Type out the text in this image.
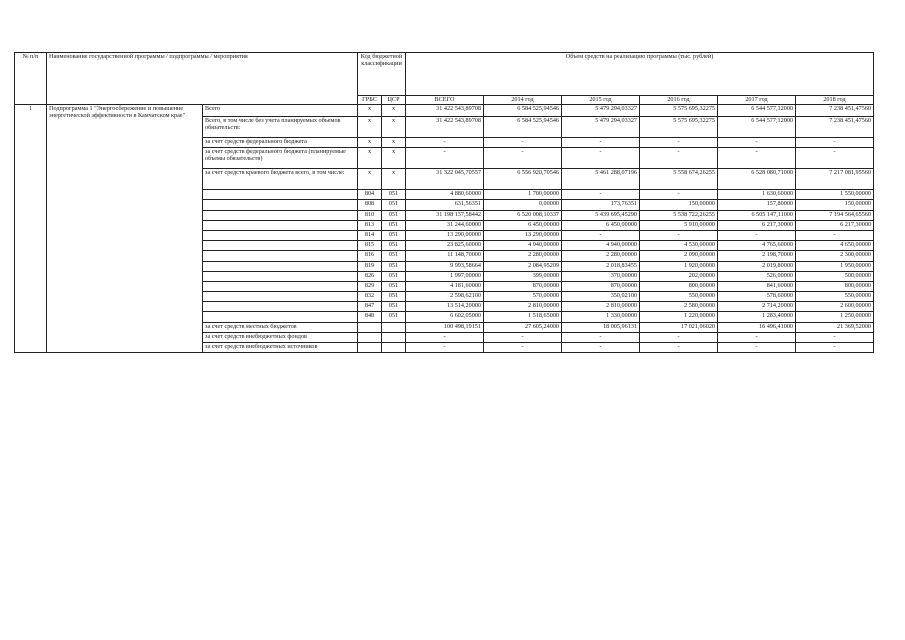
№ п/п	Наименование государственной программы / подпрограммы / мероприятия		Код бюджетной классификации		Объем средств на реализацию программы (тыс. рублей)					
			ГРБС	ЦСР	ВСЕГО	2014 год	2015 год	2016 год	2017 год	2018 год
1	Подпрограмма 1 "Энергосбережение и повышение энергетической эффективности в Камчатском крае"	Всего	x	x	31 422 543,89708	6 584 525,94546	5 479 294,03327	5 575 695,32275	6 544 577,12000	7 238 451,47560
		Всего, в том числе без учета планируемых объемов обязательств:	x	x	31 422 543,89708	6 584 525,94546	5 479 294,03327	5 575 695,32275	6 544 577,12000	7 238 451,47560
		за счет средств федерального бюджета	x	x	-	-	-	-	-	-
		за счет средств федерального бюджета (планируемые объемы обязательств)	x	x	-	-	-	-	-	-
		за счет средств краевого бюджета всего, в том числе:	x	x	31 322 045,70557	6 556 920,70546	5 461 288,07196	5 558 674,26255	6 528 080,71000	7 217 081,95560
			804	051	4 880,60000	1 700,00000	-	-	1 630,60000	1 550,00000
			808	051	631,56351	0,00000	173,76351	150,00000	157,80000	150,00000
			810	051	31 198 137,58442	6 520 008,10337	5 439 695,45290	5 538 722,26255	6 505 147,11000	7 194 564,65560
			813	051	31 244,60000	6 450,00000	6 450,00000	5 910,00000	6 217,30000	6 217,30000
			814	051	13 290,00000	13 290,00000	-	-	-	-
			815	051	23 825,60000	4 940,00000	4 940,00000	4 530,00000	4 765,60000	4 650,00000
			816	051	11 148,70000	2 280,00000	2 280,00000	2 090,00000	2 198,70000	2 300,00000
			819	051	9 993,58664	2 084,95209	2 018,83455	1 920,00000	2 019,80000	1 950,00000
			826	051	1 997,00000	399,00000	370,00000	202,00000	526,00000	500,00000
			829	051	4 181,60000	870,00000	870,00000	800,00000	841,60000	800,00000
			832	051	2 598,62100	570,00000	350,02100	550,00000	578,60000	550,00000
			847	051	13 514,20000	2 810,00000	2 810,00000	2 580,00000	2 714,20000	2 600,00000
			848	051	6 602,05000	1 518,65000	1 330,00000	1 220,00000	1 283,40000	1 250,00000
		за счет средств местных бюджетов			100 498,19151	27 605,24000	18 005,96131	17 021,06020	16 496,41000	21 369,52000
		за счет средств внебюджетных фондов			-	-	-	-	-	-
		за счет средств внебюджетных источников			-	-	-	-	-	-
